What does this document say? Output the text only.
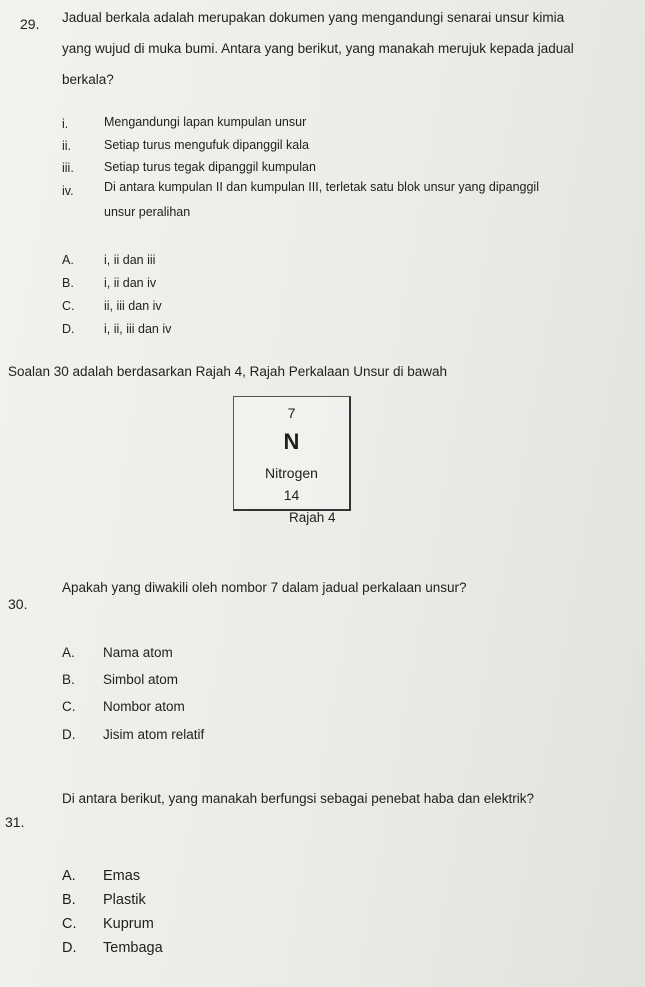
29. Jadual berkala adalah merupakan dokumen yang mengandungi senarai unsur kimia
yang wujud di muka bumi. Antara yang berikut, yang manakah merujuk kepada jadual
berkala?
i.	Mengandungi lapan kumpulan unsur
ii.	Setiap turus mengufuk dipanggil kala
iii. Setiap turus tegak dipanggil kumpulan
iv. Di antara kumpulan II dan kumpulan III, terletak satu blok unsur yang dipanggil
unsur peralihan
A. i, ii dan iii
B. i, ii dan iv
C. ii, iii dan iv
D. i, ii, iii dan iv
Soalan 30 adalah berdasarkan Rajah 4, Rajah Perkalaan Unsur di bawah
7
N
Nitrogen
14
Rajah 4
30.
Apakah yang diwakili oleh nombor 7 dalam jadual perkalaan unsur?
A. Nama atom
B. Simbol atom
C. Nombor atom
D. Jisim atom relatif
31.
Di antara berikut, yang manakah berfungsi sebagai penebat haba dan elektrik?
A. Emas
B. Plastik
C. Kuprum
D. Tembaga
